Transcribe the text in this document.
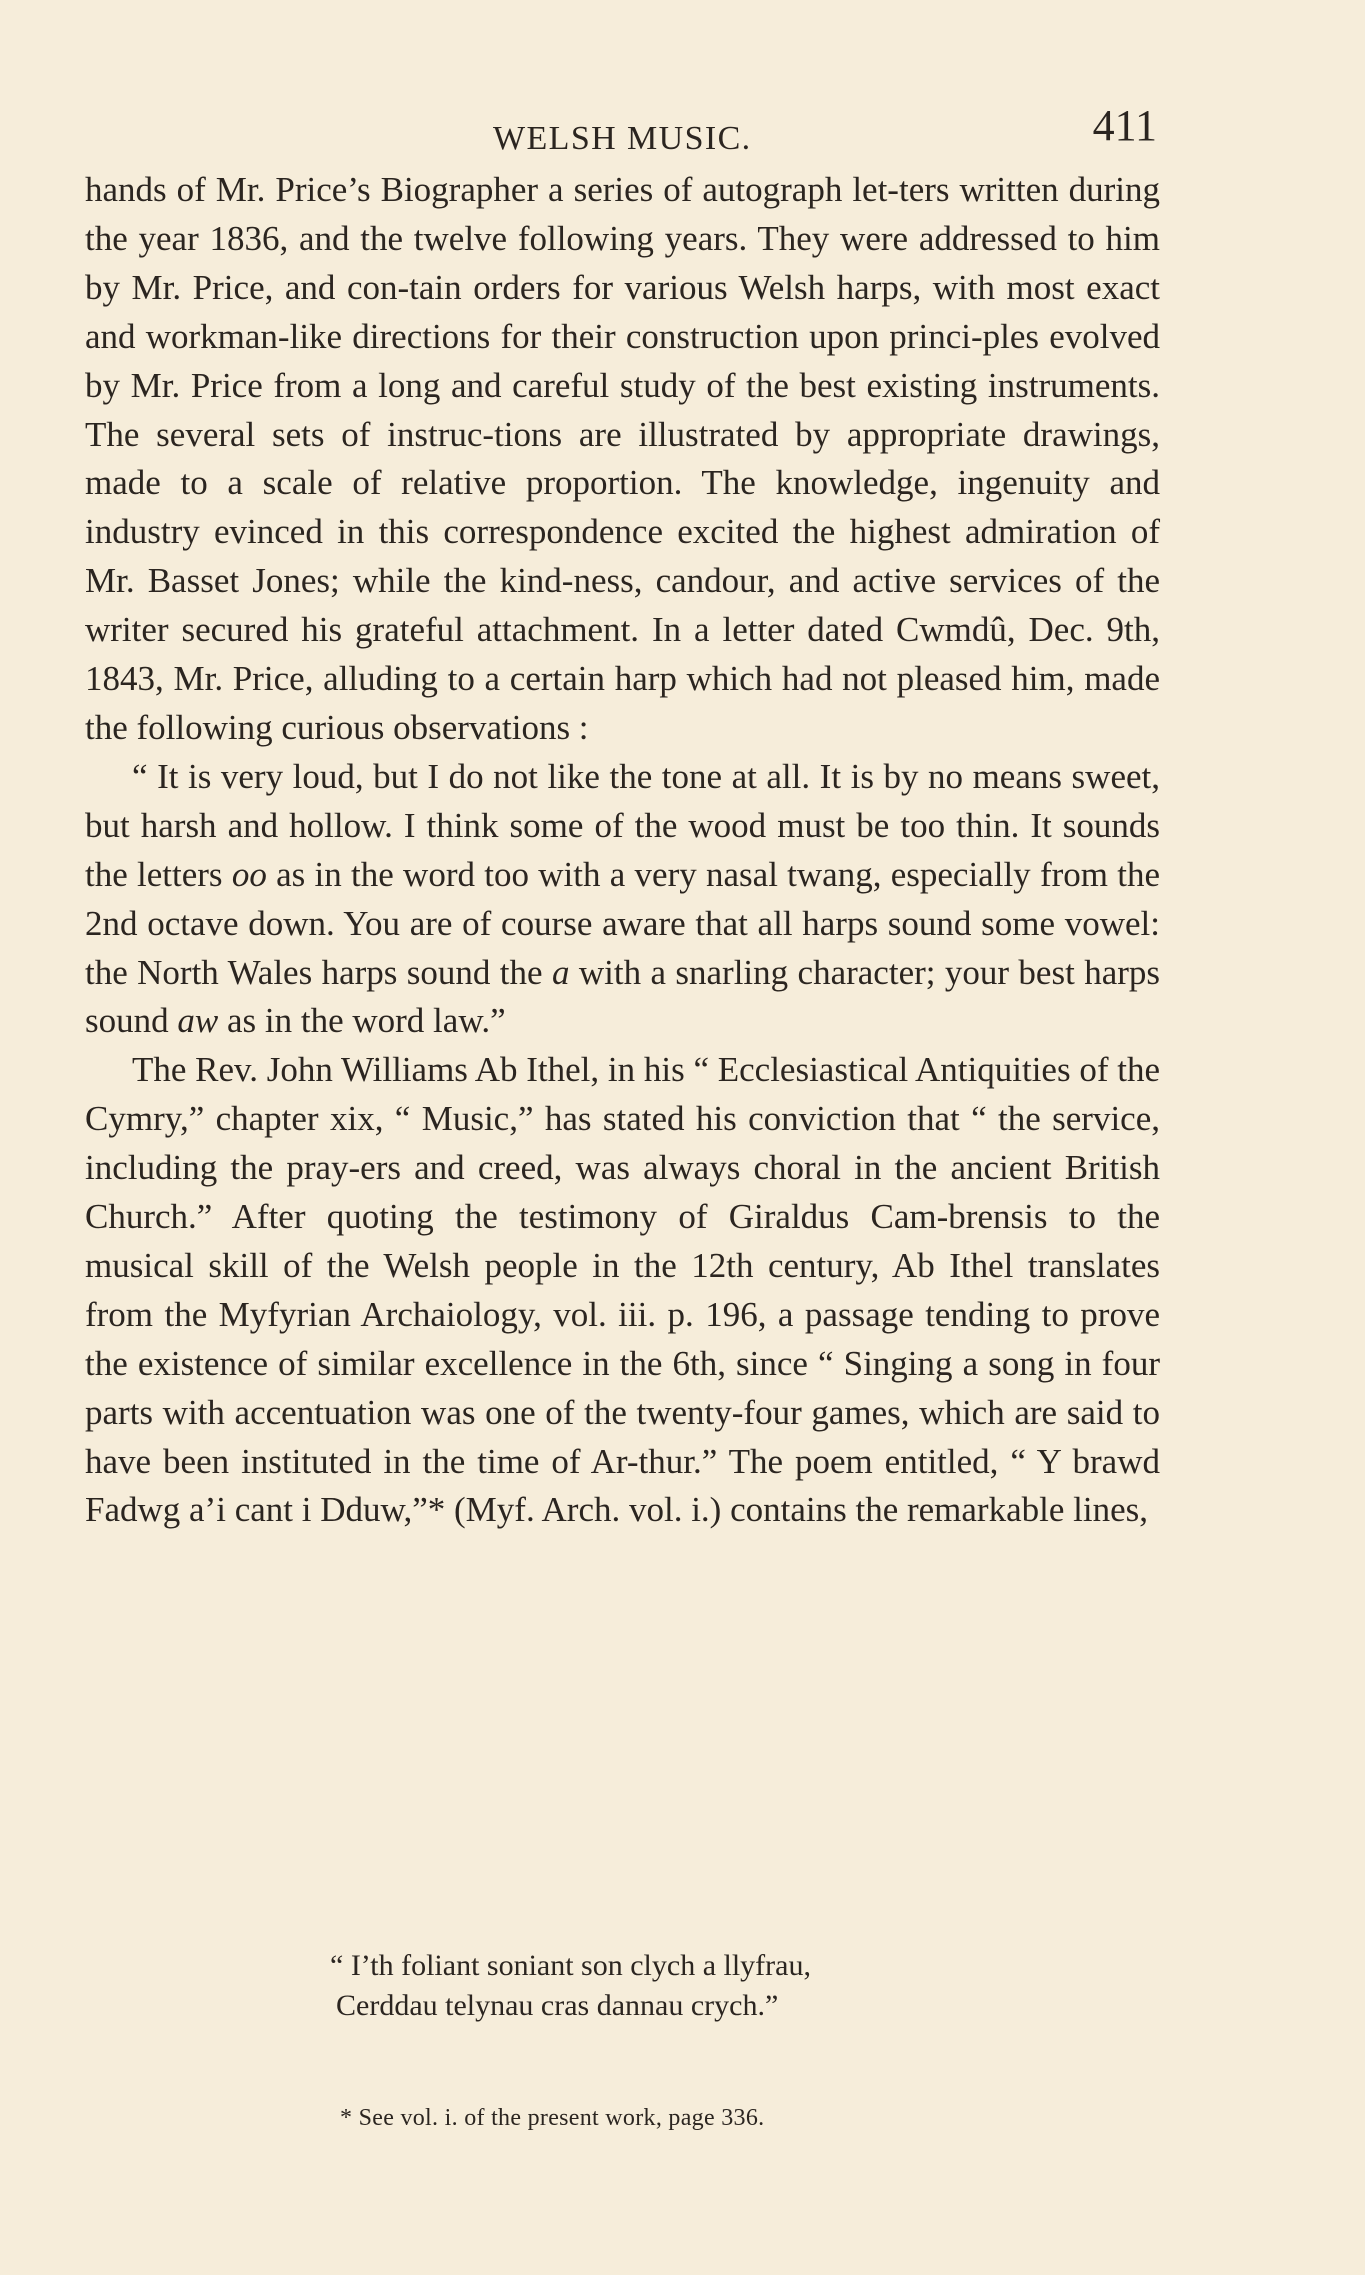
WELSH MUSIC.	411

hands of Mr. Price’s Biographer a series of autograph let-ters written during the year 1836, and the twelve following years. They were addressed to him by Mr. Price, and con-tain orders for various Welsh harps, with most exact and workman-like directions for their construction upon princi-ples evolved by Mr. Price from a long and careful study of the best existing instruments. The several sets of instruc-tions are illustrated by appropriate drawings, made to a scale of relative proportion. The knowledge, ingenuity and industry evinced in this correspondence excited the highest admiration of Mr. Basset Jones; while the kind-ness, candour, and active services of the writer secured his grateful attachment. In a letter dated Cwmdû, Dec. 9th, 1843, Mr. Price, alluding to a certain harp which had not pleased him, made the following curious observations :

“ It is very loud, but I do not like the tone at all. It is by no means sweet, but harsh and hollow. I think some of the wood must be too thin. It sounds the letters oo as in the word too with a very nasal twang, especially from the 2nd octave down. You are of course aware that all harps sound some vowel: the North Wales harps sound the a with a snarling character; your best harps sound aw as in the word law.”

The Rev. John Williams Ab Ithel, in his “ Ecclesiastical Antiquities of the Cymry,” chapter xix, “ Music,” has stated his conviction that “ the service, including the pray-ers and creed, was always choral in the ancient British Church.” After quoting the testimony of Giraldus Cam-brensis to the musical skill of the Welsh people in the 12th century, Ab Ithel translates from the Myfyrian Archaiology, vol. iii. p. 196, a passage tending to prove the existence of similar excellence in the 6th, since “ Singing a song in four parts with accentuation was one of the twenty-four games, which are said to have been instituted in the time of Ar-thur.” The poem entitled, “ Y brawd Fadwg a’i cant i Dduw,”* (Myf. Arch. vol. i.) contains the remarkable lines,

“ I’th foliant soniant son clych a llyfrau,
Cerddau telynau cras dannau crych.”
* See vol. i. of the present work, page 336.
